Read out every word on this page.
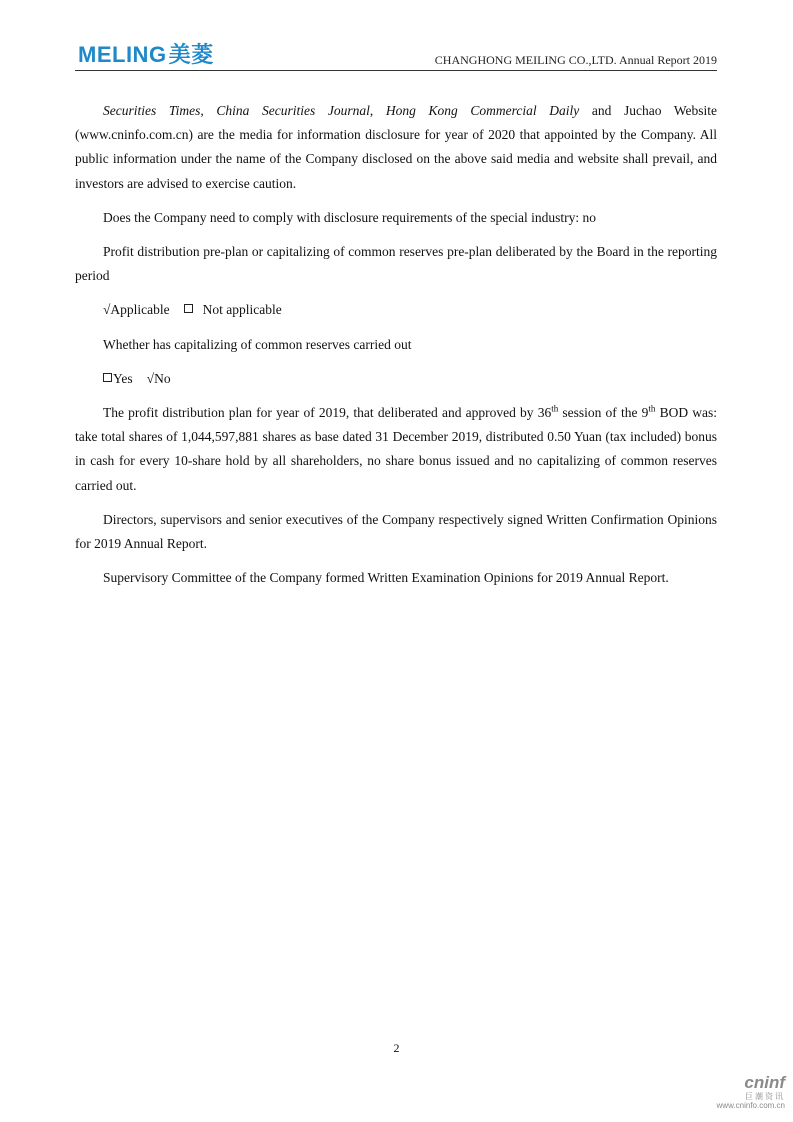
MELING美菱	CHANGHONG MEILING CO.,LTD. Annual Report 2019

Securities Times, China Securities Journal, Hong Kong Commercial Daily and Juchao Website (www.cninfo.com.cn) are the media for information disclosure for year of 2020 that appointed by the Company. All public information under the name of the Company disclosed on the above said media and website shall prevail, and investors are advised to exercise caution.

Does the Company need to comply with disclosure requirements of the special industry: no

Profit distribution pre-plan or capitalizing of common reserves pre-plan deliberated by the Board in the reporting period

√Applicable Not applicable

Whether has capitalizing of common reserves carried out

Yes √No

The profit distribution plan for year of 2019, that deliberated and approved by 36th session of the 9th BOD was: take total shares of 1,044,597,881 shares as base dated 31 December 2019, distributed 0.50 Yuan (tax included) bonus in cash for every 10-share hold by all shareholders, no share bonus issued and no capitalizing of common reserves carried out.

Directors, supervisors and senior executives of the Company respectively signed Written Confirmation Opinions for 2019 Annual Report.

Supervisory Committee of the Company formed Written Examination Opinions for 2019 Annual Report.

2
cninf
巨潮资讯
www.cninfo.com.cn
